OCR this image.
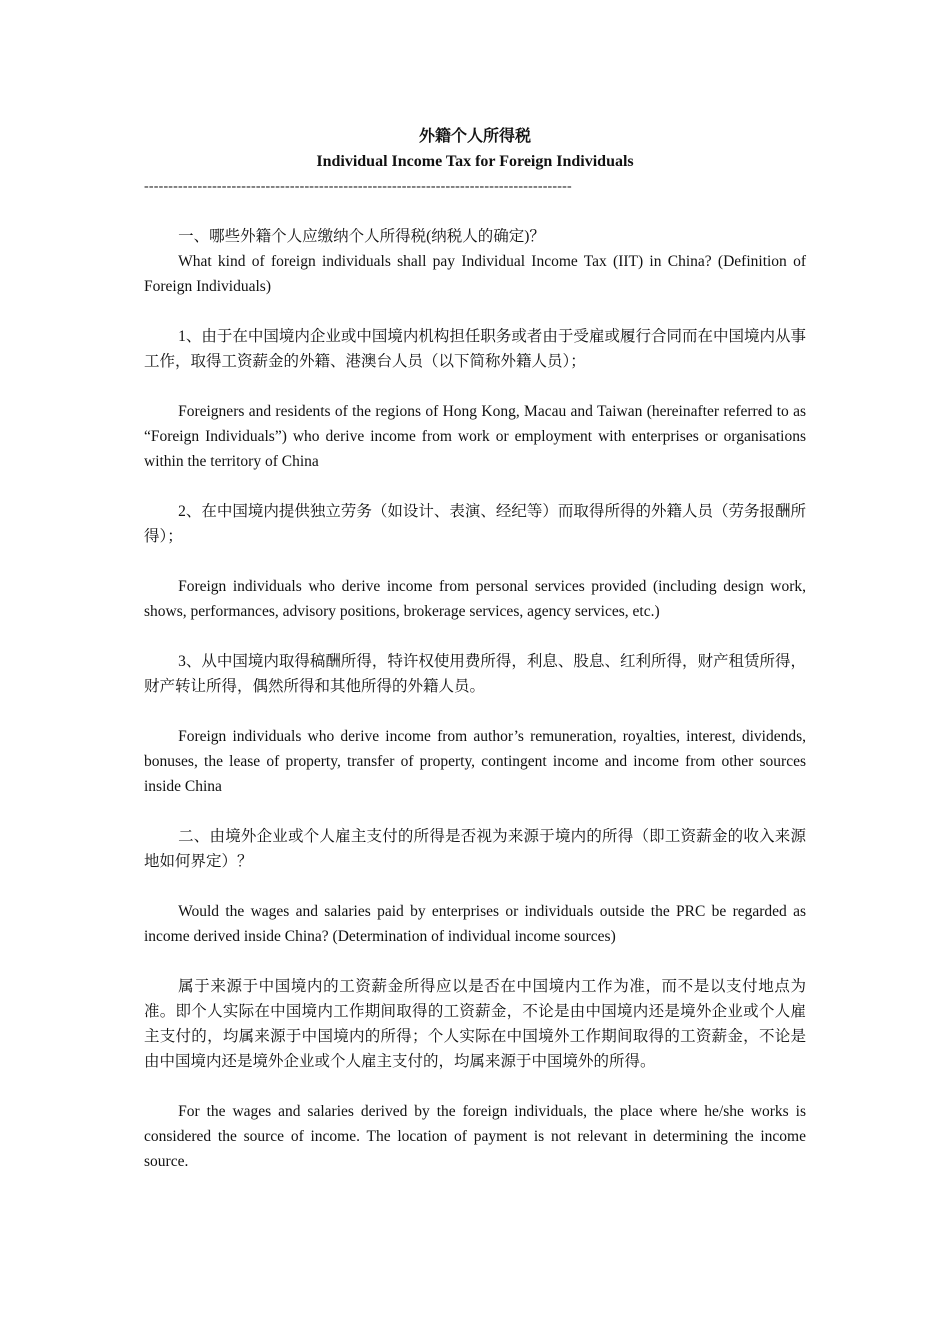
外籍个人所得税

Individual Income Tax for Foreign Individuals

----------------------------------------------------------------------------------------

一、哪些外籍个人应缴纳个人所得税(纳税人的确定)？

What kind of foreign individuals shall pay Individual Income Tax (IIT) in China? (Definition of Foreign Individuals)

1、由于在中国境内企业或中国境内机构担任职务或者由于受雇或履行合同而在中国境内从事工作，取得工资薪金的外籍、港澳台人员（以下简称外籍人员）；

Foreigners and residents of the regions of Hong Kong, Macau and Taiwan (hereinafter referred to as “Foreign Individuals”) who derive income from work or employment with enterprises or organisations within the territory of China

2、在中国境内提供独立劳务（如设计、表演、经纪等）而取得所得的外籍人员（劳务报酬所得）；

Foreign individuals who derive income from personal services provided (including design work, shows, performances, advisory positions, brokerage services, agency services, etc.)

3、从中国境内取得稿酬所得，特许权使用费所得，利息、股息、红利所得，财产租赁所得，财产转让所得，偶然所得和其他所得的外籍人员。

Foreign individuals who derive income from author’s remuneration, royalties, interest, dividends, bonuses, the lease of property, transfer of property, contingent income and income from other sources inside China

二、由境外企业或个人雇主支付的所得是否视为来源于境内的所得（即工资薪金的收入来源地如何界定）？

Would the wages and salaries paid by enterprises or individuals outside the PRC be regarded as income derived inside China? (Determination of individual income sources)

属于来源于中国境内的工资薪金所得应以是否在中国境内工作为准，而不是以支付地点为准。即个人实际在中国境内工作期间取得的工资薪金，不论是由中国境内还是境外企业或个人雇主支付的，均属来源于中国境内的所得；个人实际在中国境外工作期间取得的工资薪金，不论是由中国境内还是境外企业或个人雇主支付的，均属来源于中国境外的所得。

For the wages and salaries derived by the foreign individuals, the place where he/she works is considered the source of income. The location of payment is not relevant in determining the income source.
